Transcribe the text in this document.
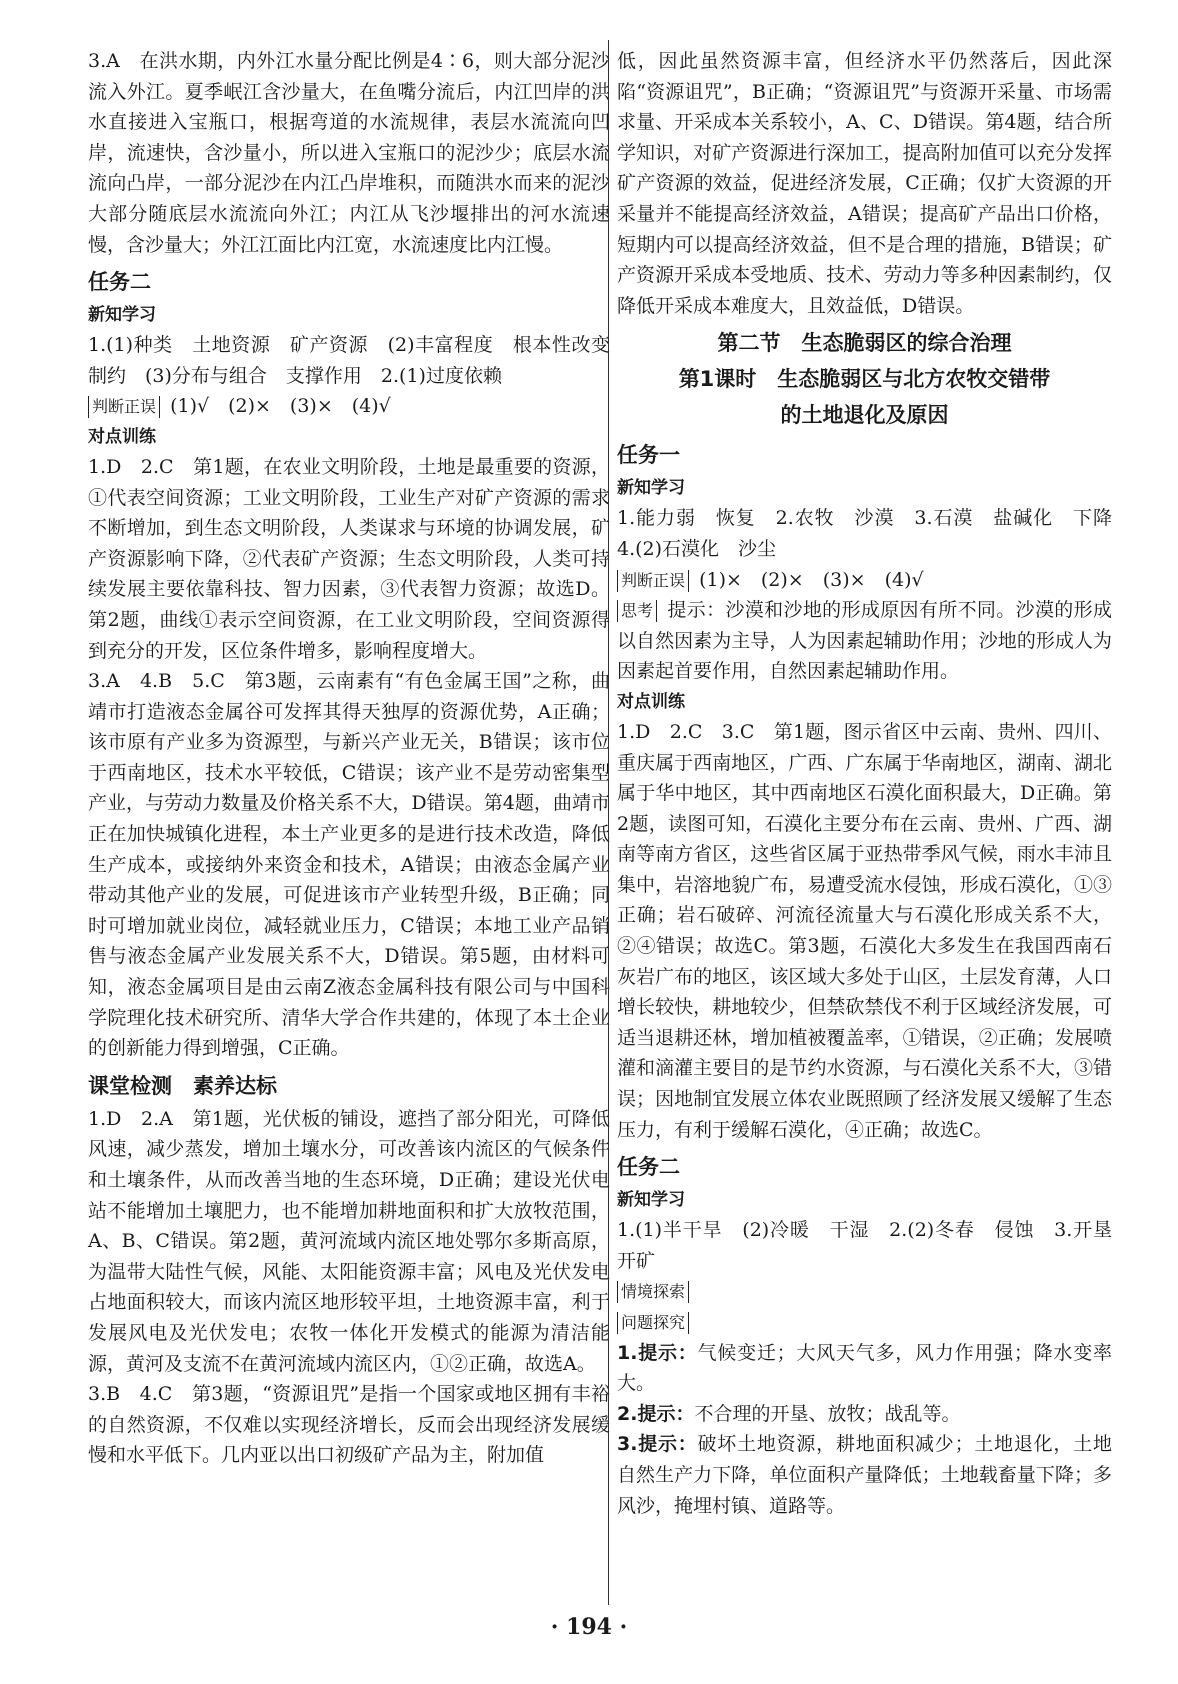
3.A　在洪水期，内外江水量分配比例是4∶6，则大部分泥沙流入外江。夏季岷江含沙量大，在鱼嘴分流后，内江凹岸的洪水直接进入宝瓶口，根据弯道的水流规律，表层水流流向凹岸，流速快，含沙量小，所以进入宝瓶口的泥沙少；底层水流流向凸岸，一部分泥沙在内江凸岸堆积，而随洪水而来的泥沙大部分随底层水流流向外江；内江从飞沙堰排出的河水流速慢，含沙量大；外江江面比内江宽，水流速度比内江慢。

任务二

新知学习

1.(1)种类　土地资源　矿产资源　(2)丰富程度　根本性改变　制约　(3)分布与组合　支撑作用　2.(1)过度依赖

判断正误 (1)√　(2)×　(3)×　(4)√

对点训练

1.D　2.C　第1题，在农业文明阶段，土地是最重要的资源，①代表空间资源；工业文明阶段，工业生产对矿产资源的需求不断增加，到生态文明阶段，人类谋求与环境的协调发展，矿产资源影响下降，②代表矿产资源；生态文明阶段，人类可持续发展主要依靠科技、智力因素，③代表智力资源；故选D。第2题，曲线①表示空间资源，在工业文明阶段，空间资源得到充分的开发，区位条件增多，影响程度增大。

3.A　4.B　5.C　第3题，云南素有“有色金属王国”之称，曲靖市打造液态金属谷可发挥其得天独厚的资源优势，A正确；该市原有产业多为资源型，与新兴产业无关，B错误；该市位于西南地区，技术水平较低，C错误；该产业不是劳动密集型产业，与劳动力数量及价格关系不大，D错误。第4题，曲靖市正在加快城镇化进程，本土产业更多的是进行技术改造，降低生产成本，或接纳外来资金和技术，A错误；由液态金属产业带动其他产业的发展，可促进该市产业转型升级，B正确；同时可增加就业岗位，减轻就业压力，C错误；本地工业产品销售与液态金属产业发展关系不大，D错误。第5题，由材料可知，液态金属项目是由云南Z液态金属科技有限公司与中国科学院理化技术研究所、清华大学合作共建的，体现了本土企业的创新能力得到增强，C正确。

课堂检测　素养达标

1.D　2.A　第1题，光伏板的铺设，遮挡了部分阳光，可降低风速，减少蒸发，增加土壤水分，可改善该内流区的气候条件和土壤条件，从而改善当地的生态环境，D正确；建设光伏电站不能增加土壤肥力，也不能增加耕地面积和扩大放牧范围，A、B、C错误。第2题，黄河流域内流区地处鄂尔多斯高原，为温带大陆性气候，风能、太阳能资源丰富；风电及光伏发电占地面积较大，而该内流区地形较平坦，土地资源丰富，利于发展风电及光伏发电；农牧一体化开发模式的能源为清洁能源，黄河及支流不在黄河流域内流区内，①②正确，故选A。

3.B　4.C　第3题，“资源诅咒”是指一个国家或地区拥有丰裕的自然资源，不仅难以实现经济增长，反而会出现经济发展缓慢和水平低下。几内亚以出口初级矿产品为主，附加值

低，因此虽然资源丰富，但经济水平仍然落后，因此深陷“资源诅咒”，B正确；“资源诅咒”与资源开采量、市场需求量、开采成本关系较小，A、C、D错误。第4题，结合所学知识，对矿产资源进行深加工，提高附加值可以充分发挥矿产资源的效益，促进经济发展，C正确；仅扩大资源的开采量并不能提高经济效益，A错误；提高矿产品出口价格，短期内可以提高经济效益，但不是合理的措施，B错误；矿产资源开采成本受地质、技术、劳动力等多种因素制约，仅降低开采成本难度大，且效益低，D错误。

第二节　生态脆弱区的综合治理

第1课时　生态脆弱区与北方农牧交错带

的土地退化及原因

任务一

新知学习

1.能力弱　恢复　2.农牧　沙漠　3.石漠　盐碱化　下降　4.(2)石漠化　沙尘

判断正误 (1)×　(2)×　(3)×　(4)√

思考 提示：沙漠和沙地的形成原因有所不同。沙漠的形成以自然因素为主导，人为因素起辅助作用；沙地的形成人为因素起首要作用，自然因素起辅助作用。

对点训练

1.D　2.C　3.C　第1题，图示省区中云南、贵州、四川、重庆属于西南地区，广西、广东属于华南地区，湖南、湖北属于华中地区，其中西南地区石漠化面积最大，D正确。第2题，读图可知，石漠化主要分布在云南、贵州、广西、湖南等南方省区，这些省区属于亚热带季风气候，雨水丰沛且集中，岩溶地貌广布，易遭受流水侵蚀，形成石漠化，①③正确；岩石破碎、河流径流量大与石漠化形成关系不大，②④错误；故选C。第3题，石漠化大多发生在我国西南石灰岩广布的地区，该区域大多处于山区，土层发育薄，人口增长较快，耕地较少，但禁砍禁伐不利于区域经济发展，可适当退耕还林，增加植被覆盖率，①错误，②正确；发展喷灌和滴灌主要目的是节约水资源，与石漠化关系不大，③错误；因地制宜发展立体农业既照顾了经济发展又缓解了生态压力，有利于缓解石漠化，④正确；故选C。

任务二

新知学习

1.(1)半干旱　(2)冷暖　干湿　2.(2)冬春　侵蚀　3.开垦　开矿

情境探索

问题探究

1.提示：气候变迁；大风天气多，风力作用强；降水变率大。

2.提示：不合理的开垦、放牧；战乱等。

3.提示：破坏土地资源，耕地面积减少；土地退化，土地自然生产力下降，单位面积产量降低；土地载畜量下降；多风沙，掩埋村镇、道路等。

· 194 ·
